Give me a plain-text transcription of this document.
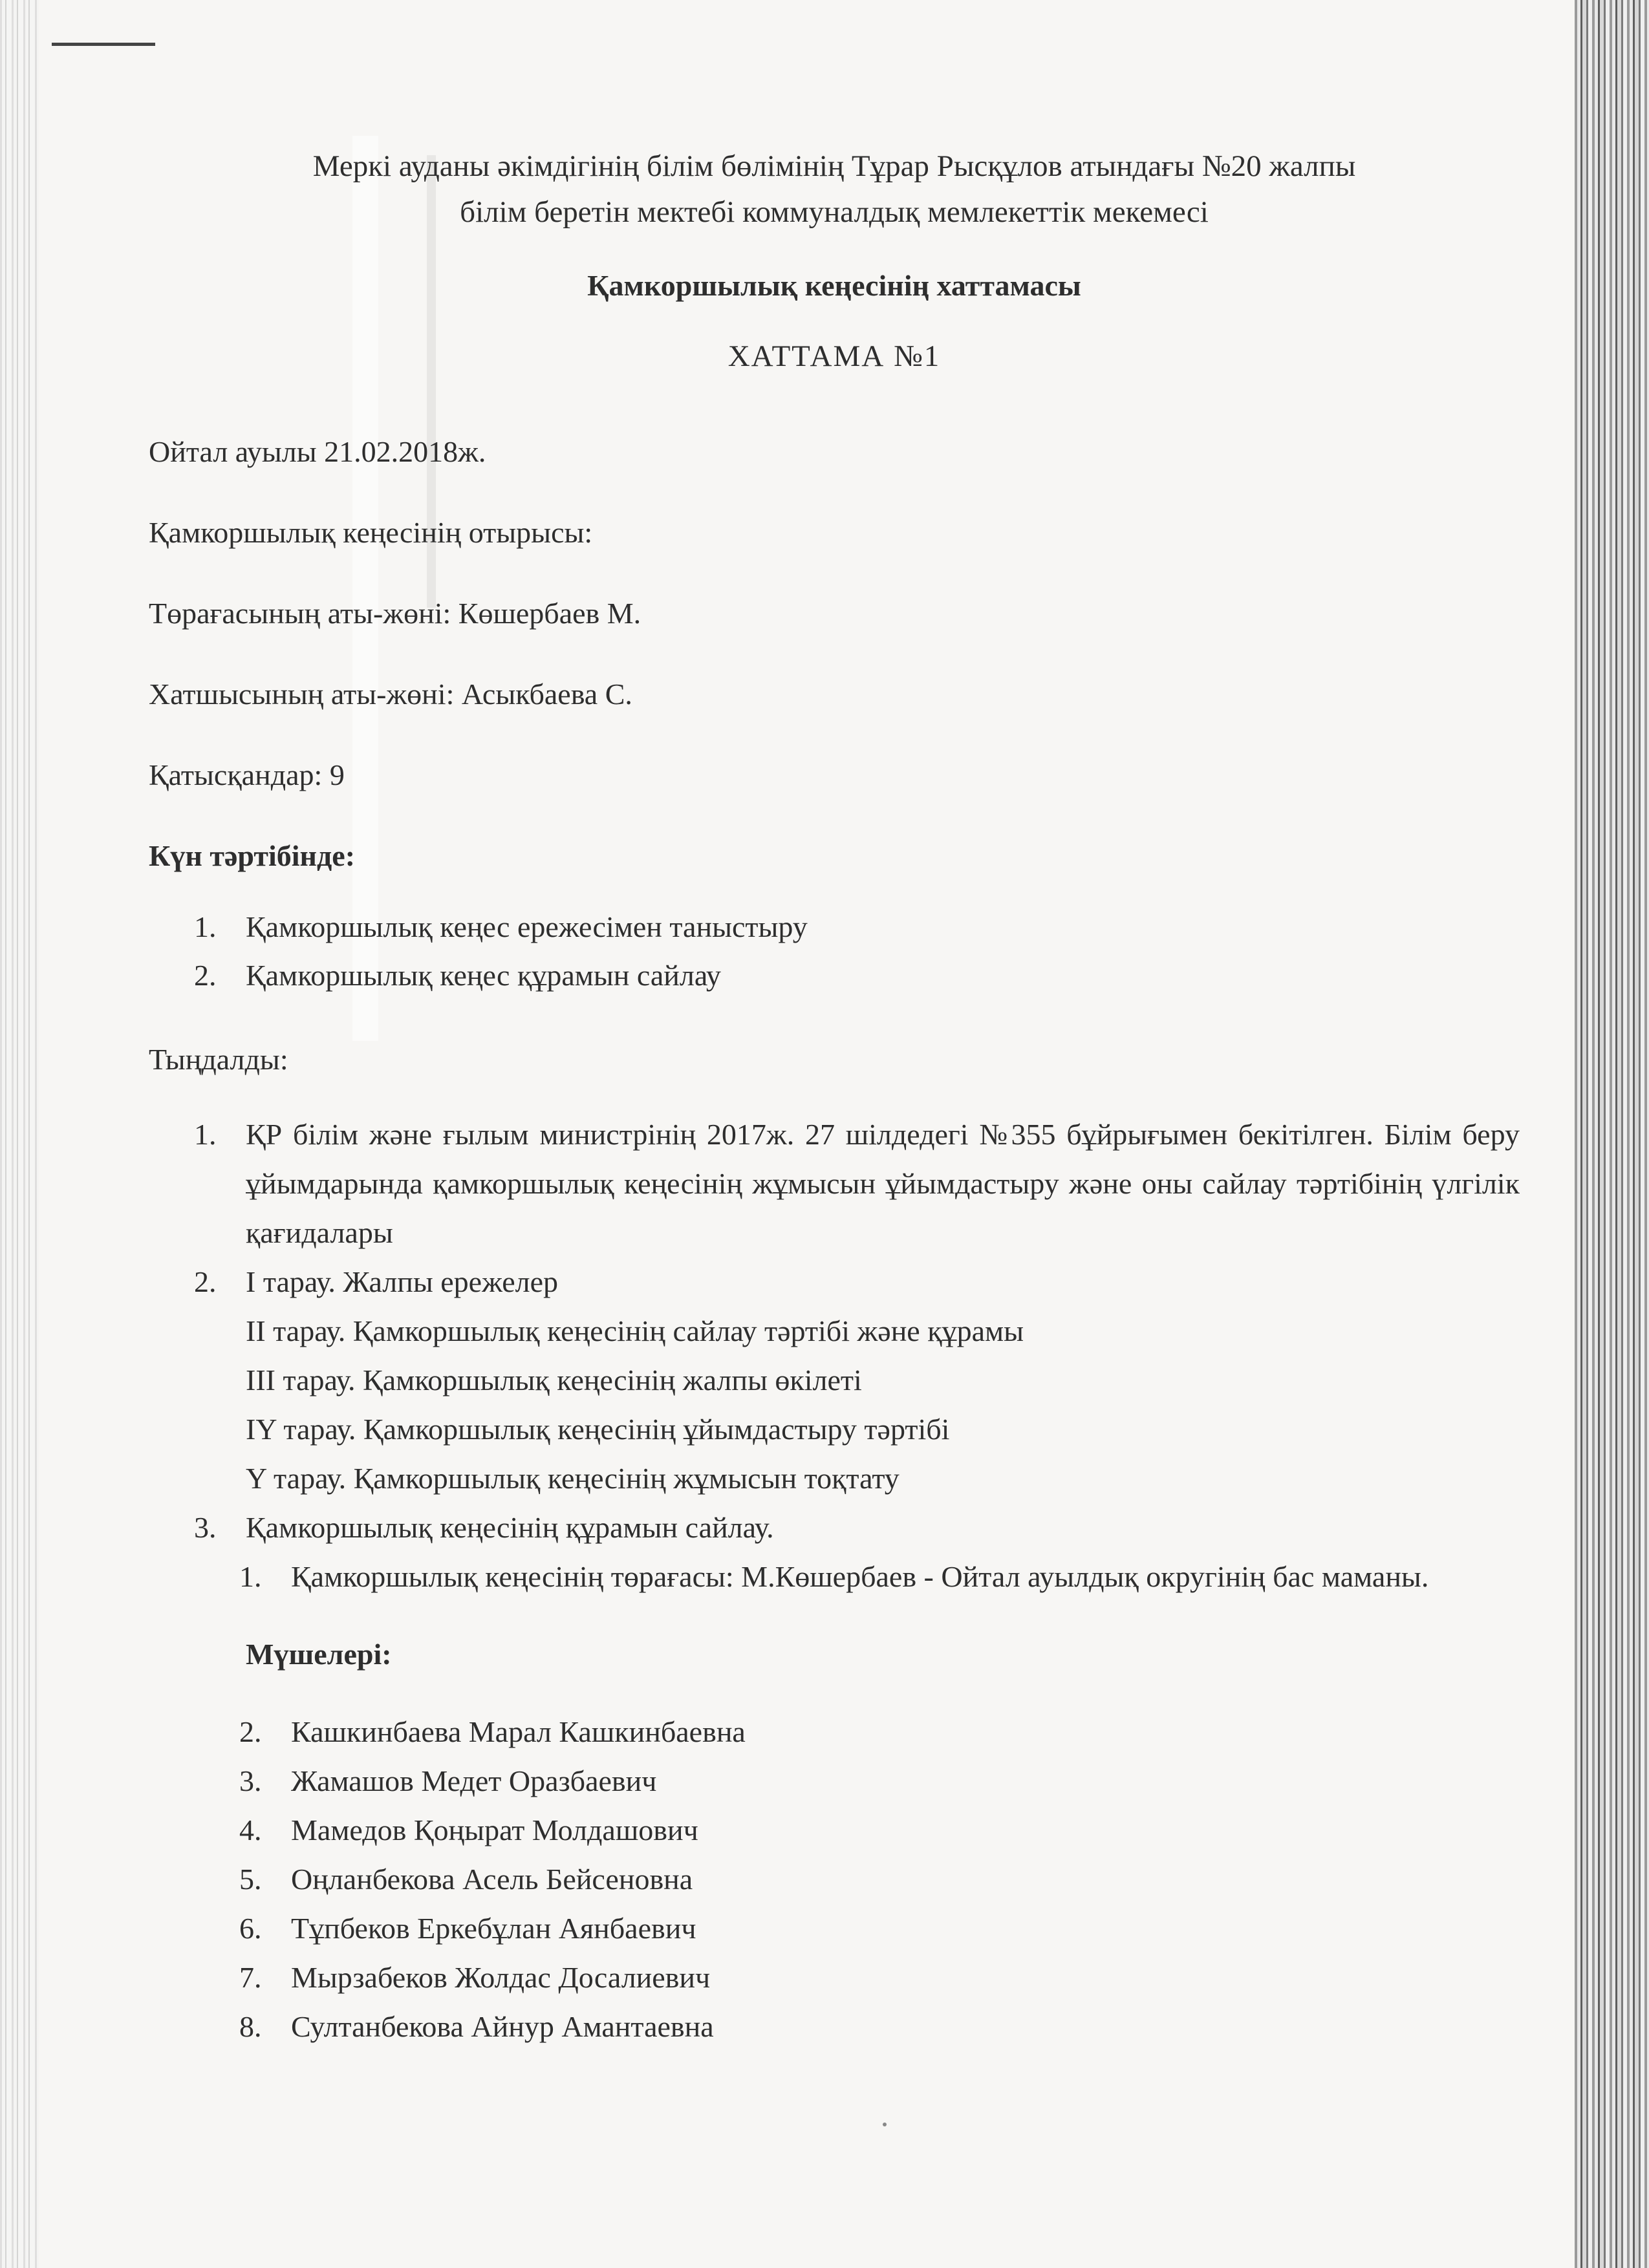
Меркі ауданы әкімдігінің білім бөлімінің Тұрар Рысқұлов атындағы №20 жалпы
білім беретін мектебі коммуналдық мемлекеттік мекемесі
Қамкоршылық кеңесінің хаттамасы
ХАТТАМА №1
Ойтал ауылы 21.02.2018ж.
Қамкоршылық кеңесінің отырысы:
Төрағасының аты-жөні: Көшербаев М.
Хатшысының аты-жөні: Асыкбаева С.
Қатысқандар: 9
Күн тәртібінде:
1. Қамкоршылық кеңес ережесімен таныстыру
2. Қамкоршылық кеңес құрамын сайлау
Тыңдалды:
1. ҚР білім және ғылым министрінің 2017ж. 27 шілдедегі №355 бұйрығымен бекітілген. Білім беру ұйымдарында қамкоршылық кеңесінің жұмысын ұйымдастыру және оны сайлау тәртібінің үлгілік қағидалары
2. I тарау. Жалпы ережелер
II тарау. Қамкоршылық кеңесінің сайлау тәртібі және құрамы
III тарау. Қамкоршылық кеңесінің жалпы өкілеті
IY тарау. Қамкоршылық кеңесінің ұйымдастыру тәртібі
Y тарау. Қамкоршылық кеңесінің жұмысын тоқтату
3. Қамкоршылық кеңесінің құрамын сайлау.
1. Қамкоршылық кеңесінің төрағасы: М.Көшербаев - Ойтал ауылдық округінің бас маманы.
Мүшелері:
2. Кашкинбаева Марал Кашкинбаевна
3. Жамашов Медет Оразбаевич
4. Мамедов Қоңырат Молдашович
5. Оңланбекова Асель Бейсеновна
6. Тұпбеков Еркебұлан Аянбаевич
7. Мырзабеков Жолдас Досалиевич
8. Султанбекова Айнур Амантаевна
